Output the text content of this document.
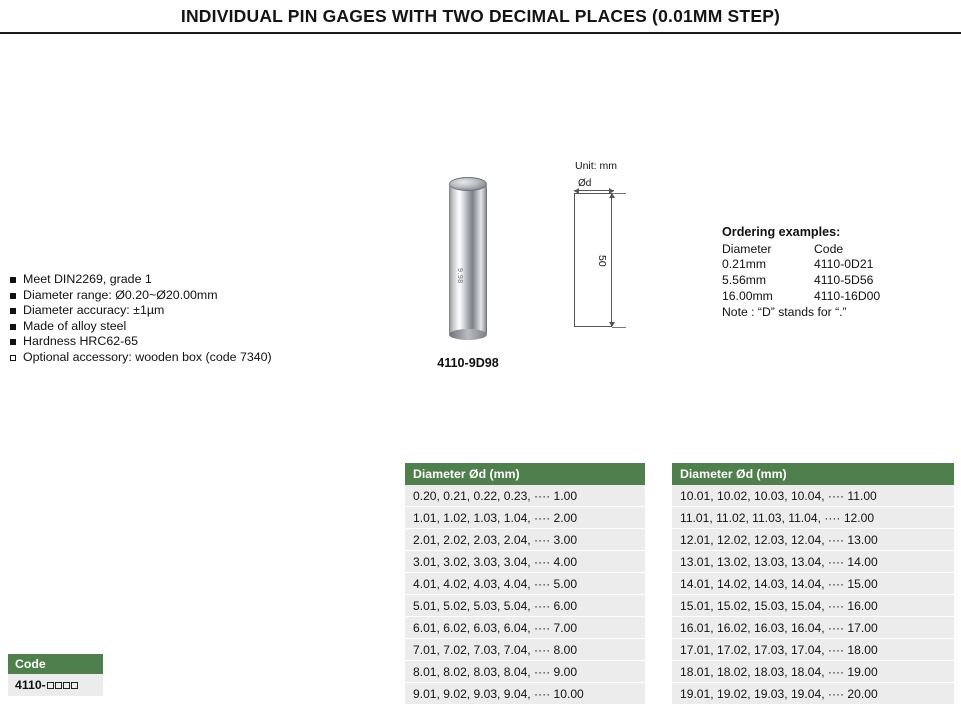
INDIVIDUAL PIN GAGES WITH TWO DECIMAL PLACES (0.01MM STEP)
Meet DIN2269, grade 1
Diameter range: Ø0.20~Ø20.00mm
Diameter accuracy: ±1µm
Made of alloy steel
Hardness HRC62-65
Optional accessory: wooden box (code 7340)
9.98
4110-9D98
Unit: mm
Ød
50
Ordering examples:
Diameter	Code
0.21mm	4110-0D21
5.56mm	4110-5D56
16.00mm	4110-16D00
Note : “D” stands for “.”
Diameter Ød (mm)
0.20, 0.21, 0.22, 0.23, ···· 1.00
1.01, 1.02, 1.03, 1.04, ···· 2.00
2.01, 2.02, 2.03, 2.04, ···· 3.00
3.01, 3.02, 3.03, 3.04, ···· 4.00
4.01, 4.02, 4.03, 4.04, ···· 5.00
5.01, 5.02, 5.03, 5.04, ···· 6.00
6.01, 6.02, 6.03, 6.04, ···· 7.00
7.01, 7.02, 7.03, 7.04, ···· 8.00
8.01, 8.02, 8.03, 8.04, ···· 9.00
9.01, 9.02, 9.03, 9.04, ···· 10.00
Diameter Ød (mm)
10.01, 10.02, 10.03, 10.04, ···· 11.00
11.01, 11.02, 11.03, 11.04, ···· 12.00
12.01, 12.02, 12.03, 12.04, ···· 13.00
13.01, 13.02, 13.03, 13.04, ···· 14.00
14.01, 14.02, 14.03, 14.04, ···· 15.00
15.01, 15.02, 15.03, 15.04, ···· 16.00
16.01, 16.02, 16.03, 16.04, ···· 17.00
17.01, 17.02, 17.03, 17.04, ···· 18.00
18.01, 18.02, 18.03, 18.04, ···· 19.00
19.01, 19.02, 19.03, 19.04, ···· 20.00
Code
4110-
